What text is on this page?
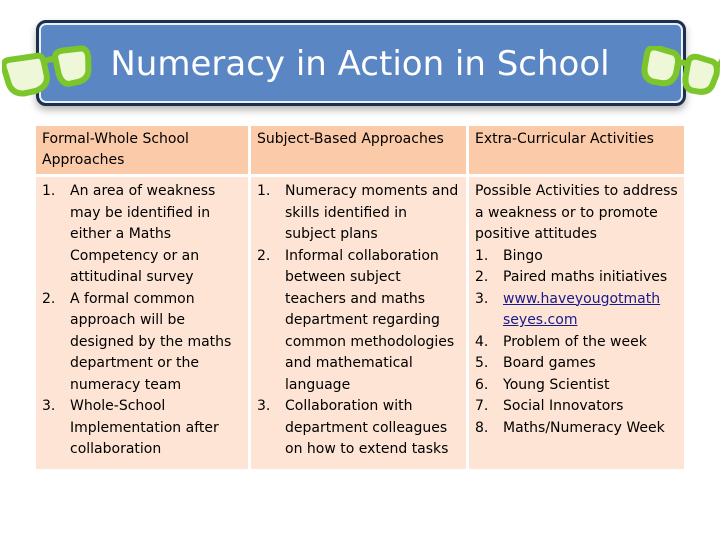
Numeracy in Action in School
Formal-Whole School Approaches
Subject-Based Approaches	Extra-Curricular Activities
1. An area of weakness may be identified in either a Maths Competency or an attitudinal survey
2. A formal common approach will be designed by the maths department or the numeracy team
3. Whole-School Implementation after collaboration
1. Numeracy moments and skills identified in subject plans
2. Informal collaboration between subject teachers and maths department regarding common methodologies and mathematical language
3. Collaboration with department colleagues on how to extend tasks
Possible Activities to address a weakness or to promote positive attitudes
1. Bingo
2. Paired maths initiatives
3. www.haveyougotmath seyes.com
4. Problem of the week
5. Board games
6. Young Scientist
7. Social Innovators
8. Maths/Numeracy Week
